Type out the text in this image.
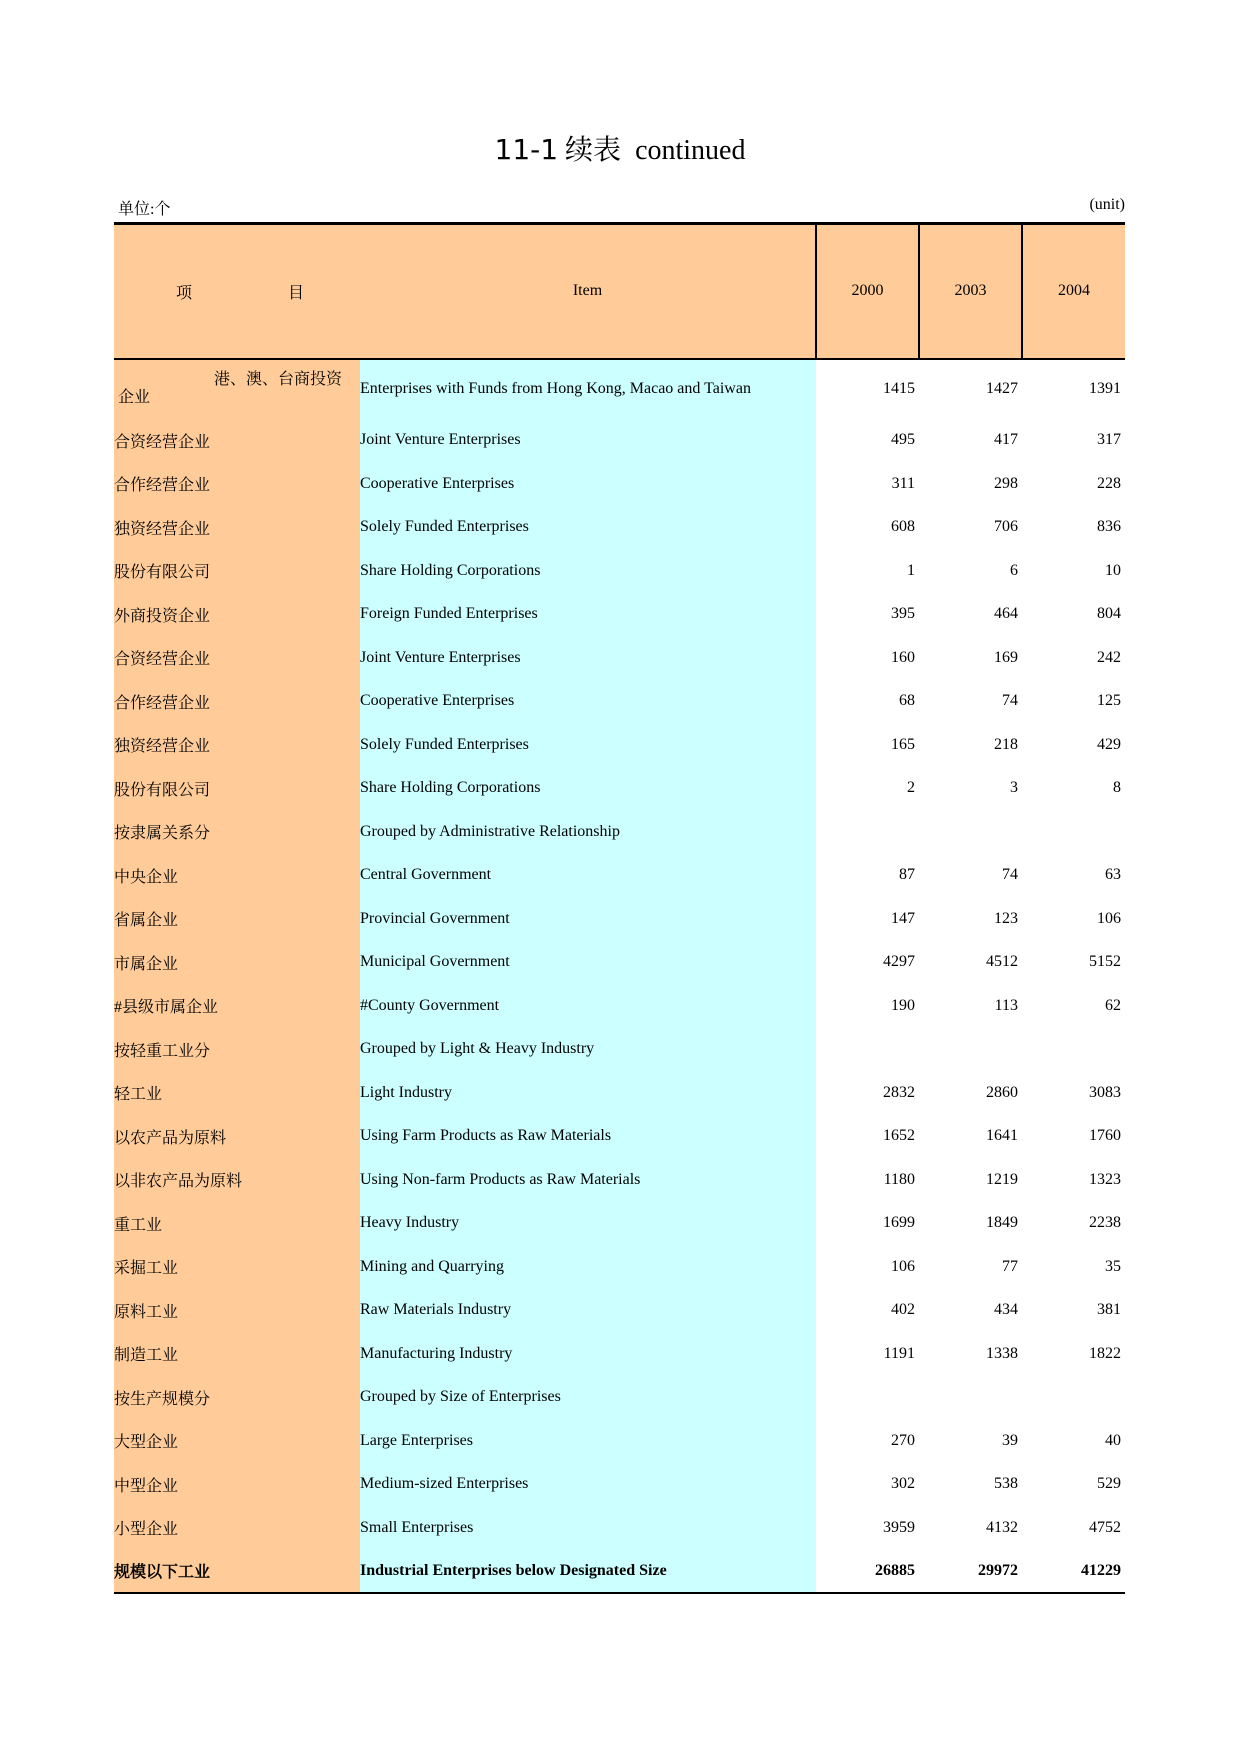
11-1 续表 continued
单位:个	(unit)
项 目	Item	2000	2003	2004

港、澳、台商投资
企业	Enterprises with Funds from Hong Kong, Macao and Taiwan	1415	1427	1391
合资经营企业	Joint Venture Enterprises	495	417	317
合作经营企业	Cooperative Enterprises	311	298	228
独资经营企业	Solely Funded Enterprises	608	706	836
股份有限公司	Share Holding Corporations	1	6	10
外商投资企业	Foreign Funded Enterprises	395	464	804
合资经营企业	Joint Venture Enterprises	160	169	242
合作经营企业	Cooperative Enterprises	68	74	125
独资经营企业	Solely Funded Enterprises	165	218	429
股份有限公司	Share Holding Corporations	2	3	8
按隶属关系分	Grouped by Administrative Relationship			
中央企业	Central Government	87	74	63
省属企业	Provincial Government	147	123	106
市属企业	Municipal Government	4297	4512	5152
#县级市属企业	#County Government	190	113	62
按轻重工业分	Grouped by Light & Heavy Industry			
轻工业	Light Industry	2832	2860	3083
以农产品为原料	Using Farm Products as Raw Materials	1652	1641	1760
以非农产品为原料	Using Non-farm Products as Raw Materials	1180	1219	1323
重工业	Heavy Industry	1699	1849	2238
采掘工业	Mining and Quarrying	106	77	35
原料工业	Raw Materials Industry	402	434	381
制造工业	Manufacturing Industry	1191	1338	1822
按生产规模分	Grouped by Size of Enterprises			
大型企业	Large Enterprises	270	39	40
中型企业	Medium-sized Enterprises	302	538	529
小型企业	Small Enterprises	3959	4132	4752
规模以下工业	Industrial Enterprises below Designated Size	26885	29972	41229
